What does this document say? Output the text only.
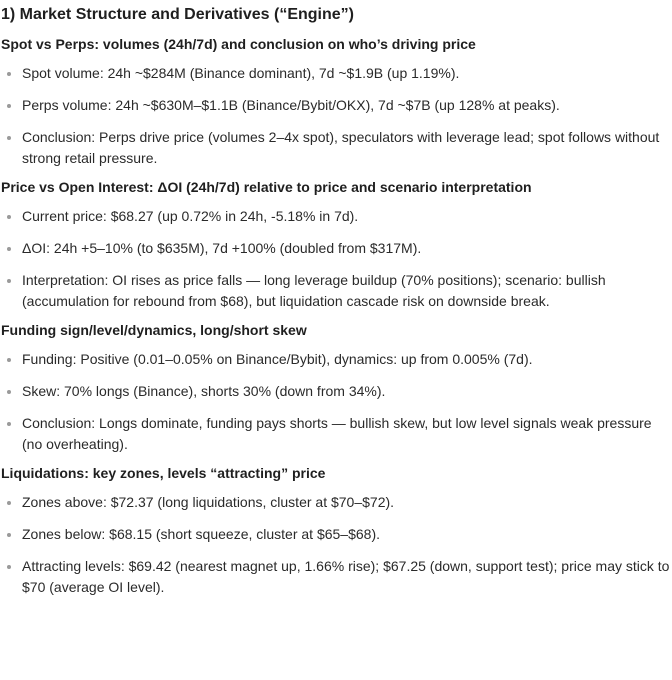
1) Market Structure and Derivatives (“Engine”)
Spot vs Perps: volumes (24h/7d) and conclusion on who’s driving price
Spot volume: 24h ~$284M (Binance dominant), 7d ~$1.9B (up 1.19%).
Perps volume: 24h ~$630M–$1.1B (Binance/Bybit/OKX), 7d ~$7B (up 128% at peaks).
Conclusion: Perps drive price (volumes 2–4x spot), speculators with leverage lead; spot follows without strong retail pressure.
Price vs Open Interest: ΔOI (24h/7d) relative to price and scenario interpretation
Current price: $68.27 (up 0.72% in 24h, -5.18% in 7d).
ΔOI: 24h +5–10% (to $635M), 7d +100% (doubled from $317M).
Interpretation: OI rises as price falls — long leverage buildup (70% positions); scenario: bullish (accumulation for rebound from $68), but liquidation cascade risk on downside break.
Funding sign/level/dynamics, long/short skew
Funding: Positive (0.01–0.05% on Binance/Bybit), dynamics: up from 0.005% (7d).
Skew: 70% longs (Binance), shorts 30% (down from 34%).
Conclusion: Longs dominate, funding pays shorts — bullish skew, but low level signals weak pressure (no overheating).
Liquidations: key zones, levels “attracting” price
Zones above: $72.37 (long liquidations, cluster at $70–$72).
Zones below: $68.15 (short squeeze, cluster at $65–$68).
Attracting levels: $69.42 (nearest magnet up, 1.66% rise); $67.25 (down, support test); price may stick to $70 (average OI level).
